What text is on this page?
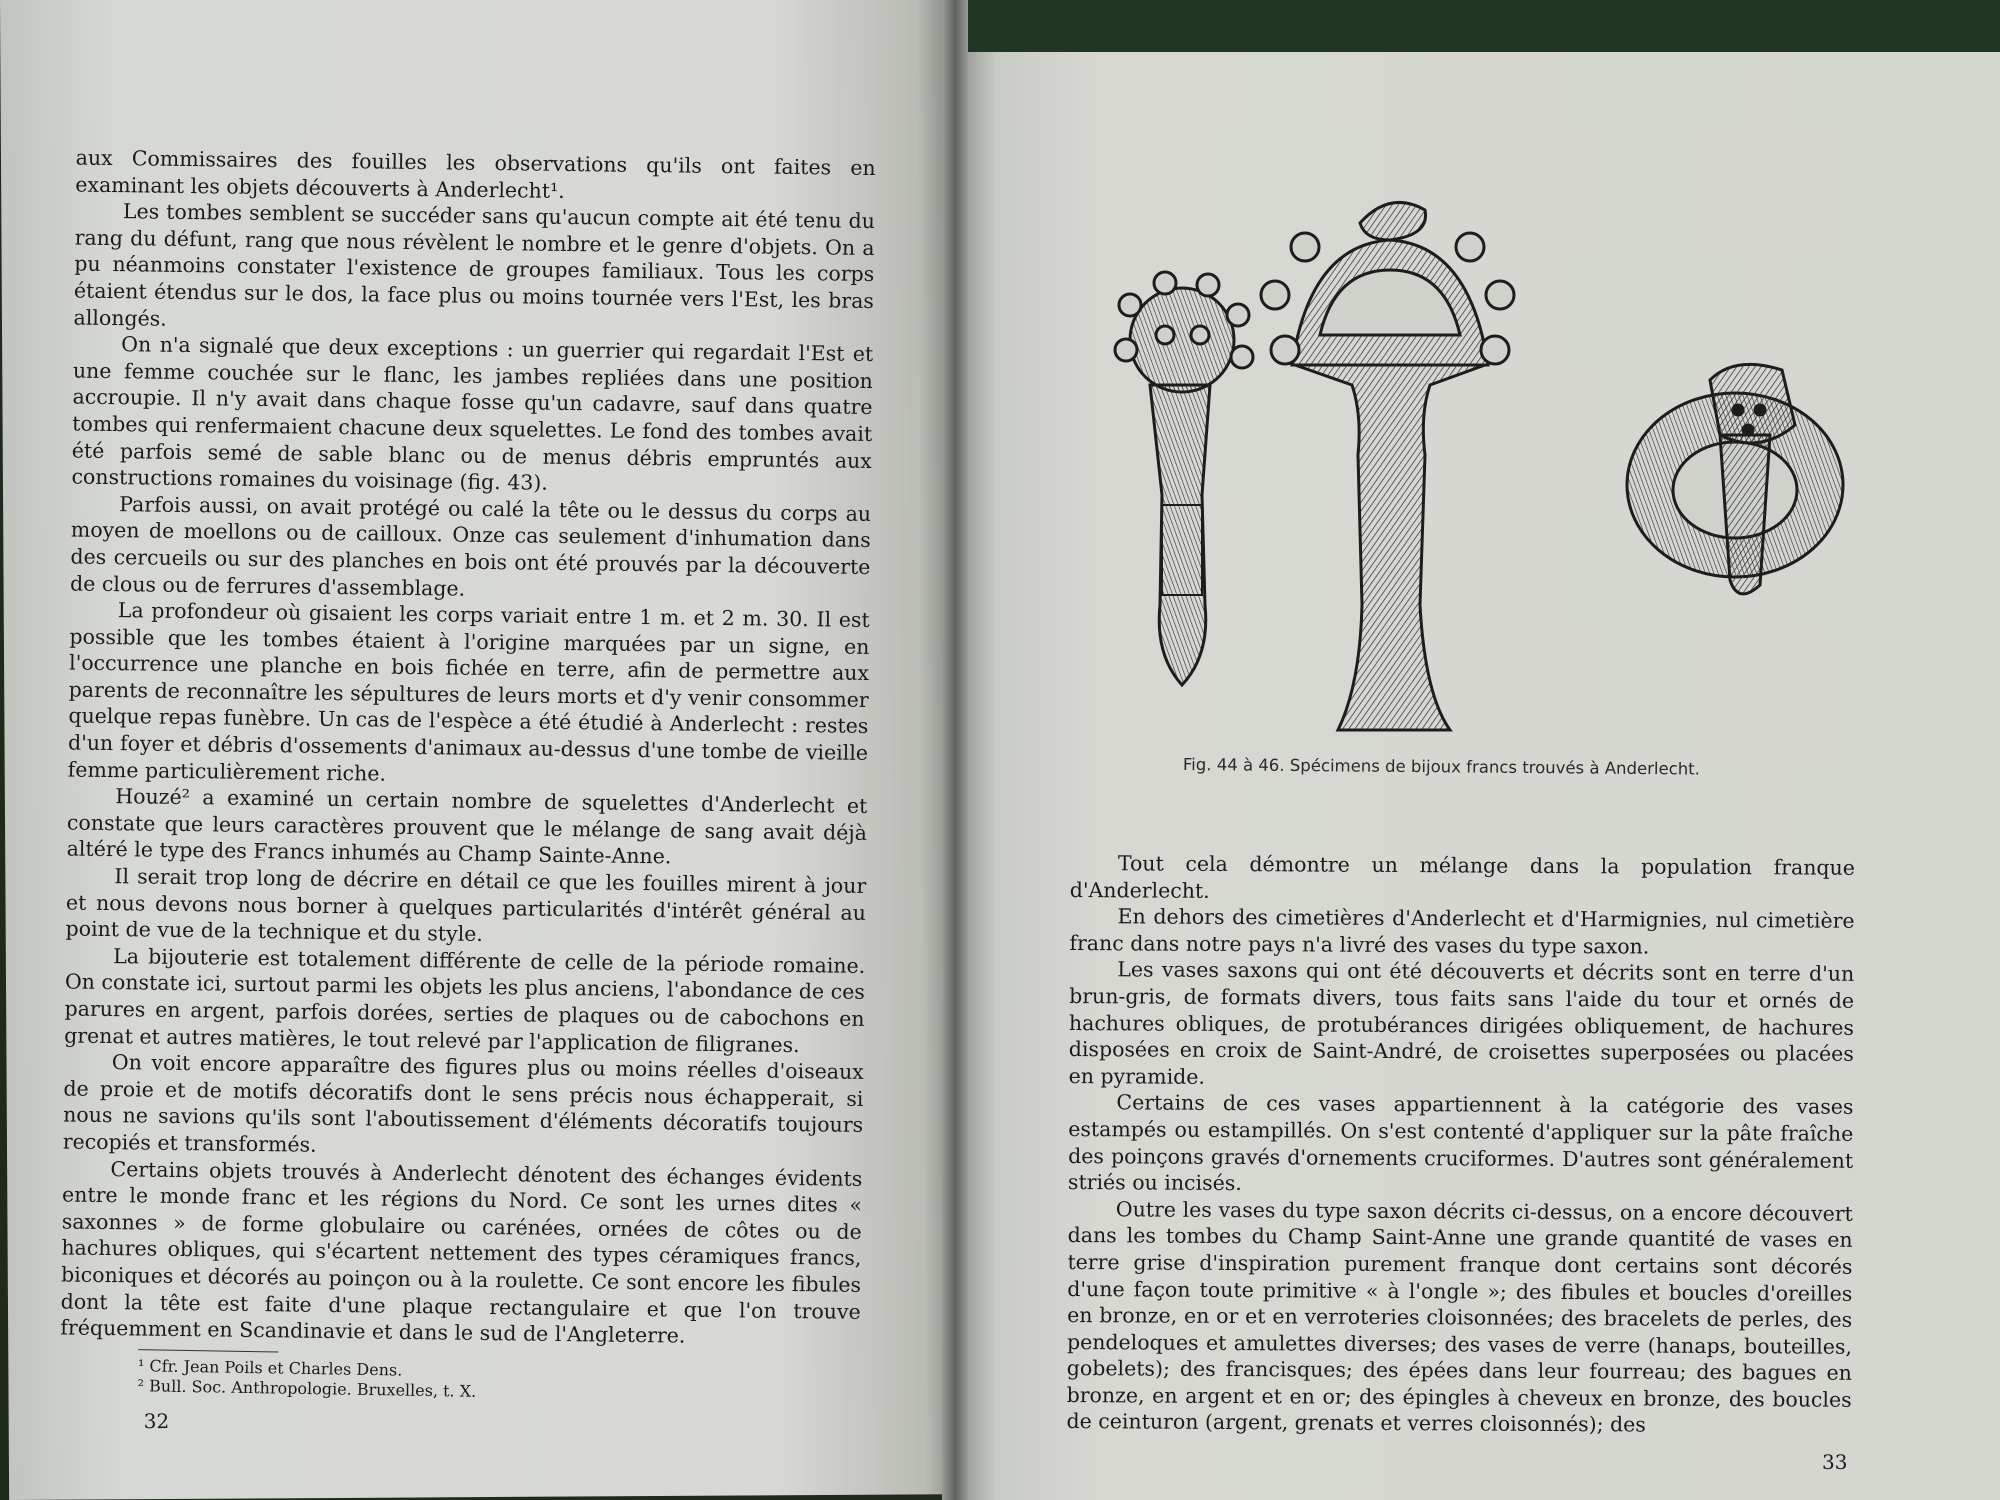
aux Commissaires des fouilles les observations qu'ils ont faites en examinant les objets découverts à Anderlecht¹.

Les tombes semblent se succéder sans qu'aucun compte ait été tenu du rang du défunt, rang que nous révèlent le nombre et le genre d'objets. On a pu néanmoins constater l'existence de groupes familiaux. Tous les corps étaient étendus sur le dos, la face plus ou moins tournée vers l'Est, les bras allongés.

On n'a signalé que deux exceptions : un guerrier qui regardait l'Est et une femme couchée sur le flanc, les jambes repliées dans une position accroupie. Il n'y avait dans chaque fosse qu'un cadavre, sauf dans quatre tombes qui renfermaient chacune deux squelettes. Le fond des tombes avait été parfois semé de sable blanc ou de menus débris empruntés aux constructions romaines du voisinage (fig. 43).

Parfois aussi, on avait protégé ou calé la tête ou le dessus du corps au moyen de moellons ou de cailloux. Onze cas seulement d'inhumation dans des cercueils ou sur des planches en bois ont été prouvés par la découverte de clous ou de ferrures d'assemblage.

La profondeur où gisaient les corps variait entre 1 m. et 2 m. 30. Il est possible que les tombes étaient à l'origine marquées par un signe, en l'occurrence une planche en bois fichée en terre, afin de permettre aux parents de reconnaître les sépultures de leurs morts et d'y venir consommer quelque repas funèbre. Un cas de l'espèce a été étudié à Anderlecht : restes d'un foyer et débris d'ossements d'animaux au-dessus d'une tombe de vieille femme particulièrement riche.

Houzé² a examiné un certain nombre de squelettes d'Anderlecht et constate que leurs caractères prouvent que le mélange de sang avait déjà altéré le type des Francs inhumés au Champ Sainte-Anne.

Il serait trop long de décrire en détail ce que les fouilles mirent à jour et nous devons nous borner à quelques particularités d'intérêt général au point de vue de la technique et du style.

La bijouterie est totalement différente de celle de la période romaine. On constate ici, surtout parmi les objets les plus anciens, l'abondance de ces parures en argent, parfois dorées, serties de plaques ou de cabochons en grenat et autres matières, le tout relevé par l'application de filigranes.

On voit encore apparaître des figures plus ou moins réelles d'oiseaux de proie et de motifs décoratifs dont le sens précis nous échapperait, si nous ne savions qu'ils sont l'aboutissement d'éléments décoratifs toujours recopiés et transformés.

Certains objets trouvés à Anderlecht dénotent des échanges évidents entre le monde franc et les régions du Nord. Ce sont les urnes dites « saxonnes » de forme globulaire ou carénées, ornées de côtes ou de hachures obliques, qui s'écartent nettement des types céramiques francs, biconiques et décorés au poinçon ou à la roulette. Ce sont encore les fibules dont la tête est faite d'une plaque rectangulaire et que l'on trouve fréquemment en Scandinavie et dans le sud de l'Angleterre.

¹ Cfr. Jean Poils et Charles Dens.
² Bull. Soc. Anthropologie. Bruxelles, t. X.
32
Fig. 44 à 46. Spécimens de bijoux francs trouvés à Anderlecht.

Tout cela démontre un mélange dans la population franque d'Anderlecht.

En dehors des cimetières d'Anderlecht et d'Harmignies, nul cimetière franc dans notre pays n'a livré des vases du type saxon.

Les vases saxons qui ont été découverts et décrits sont en terre d'un brun-gris, de formats divers, tous faits sans l'aide du tour et ornés de hachures obliques, de protubérances dirigées obliquement, de hachures disposées en croix de Saint-André, de croisettes superposées ou placées en pyramide.

Certains de ces vases appartiennent à la catégorie des vases estampés ou estampillés. On s'est contenté d'appliquer sur la pâte fraîche des poinçons gravés d'ornements cruciformes. D'autres sont généralement striés ou incisés.

Outre les vases du type saxon décrits ci-dessus, on a encore découvert dans les tombes du Champ Saint-Anne une grande quantité de vases en terre grise d'inspiration purement franque dont certains sont décorés d'une façon toute primitive « à l'ongle »; des fibules et boucles d'oreilles en bronze, en or et en verroteries cloisonnées; des bracelets de perles, des pendeloques et amulettes diverses; des vases de verre (hanaps, bouteilles, gobelets); des francisques; des épées dans leur fourreau; des bagues en bronze, en argent et en or; des épingles à cheveux en bronze, des boucles de ceinturon (argent, grenats et verres cloisonnés); des

33
